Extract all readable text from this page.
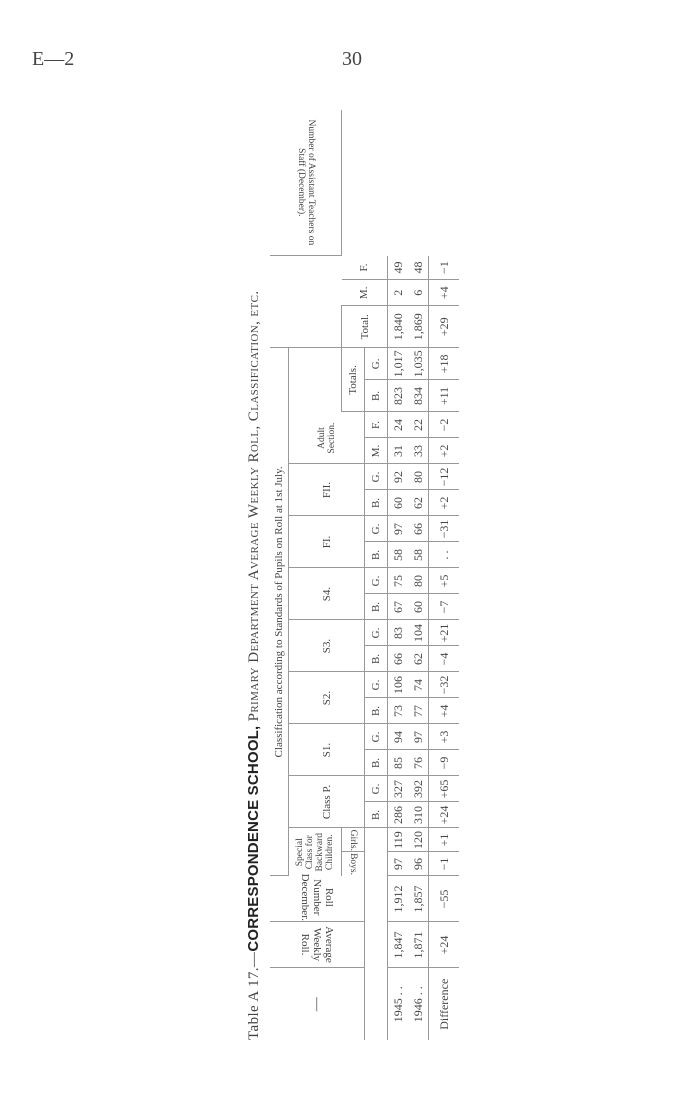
E—2	30
Table A 17.—CORRESPONDENCE SCHOOL, Primary Department Average Weekly Roll, Classification, etc.
—	Average Weekly Roll.	Roll Number December.	Classification according to Standards of Pupils on Roll at 1st July.																							Number of Assistant Teachers on Staff (December).
			Special Class for Backward Children.		Class P.		S1.		S2.		S3.		S4.		FI.		FII.		Adult Section.							
			Boys.	Girls.																	Totals.		Total.	M.	F.	
					B.	G.	B.	G.	B.	G.	B.	G.	B.	G.	B.	G.	B.	G.	M.	F.	B.	G.				
1945 . .	1,847	1,912	97	119	286	327	85	94	73	106	66	83	67	75	58	97	60	92	31	24	823	1,017	1,840	2	49	
1946 . .	1,871	1,857	96	120	310	392	76	97	77	74	62	104	60	80	58	66	62	80	33	22	834	1,035	1,869	6	48	
Difference	+24	−55	−1	+1	+24	+65	−9	+3	+4	−32	−4	+21	−7	+5	. .	−31	+2	−12	+2	−2	+11	+18	+29	+4	−1	
